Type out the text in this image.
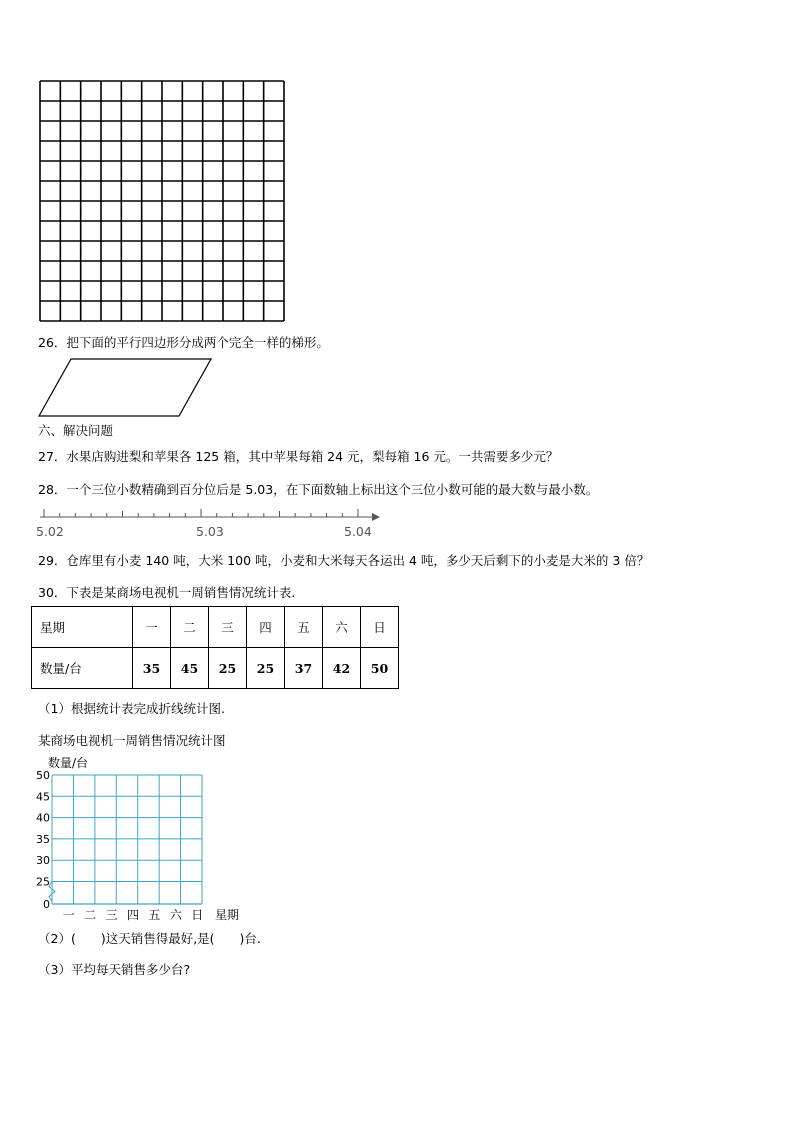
26．把下面的平行四边形分成两个完全一样的梯形。
六、解决问题
27．水果店购进梨和苹果各 125 箱，其中苹果每箱 24 元，梨每箱 16 元。一共需要多少元？
28．一个三位小数精确到百分位后是 5.03，在下面数轴上标出这个三位小数可能的最大数与最小数。
5.02	5.03	5.04
29．仓库里有小麦 140 吨，大米 100 吨，小麦和大米每天各运出 4 吨，多少天后剩下的小麦是大米的 3 倍？
30．下表是某商场电视机一周销售情况统计表.
星期	一	二	三	四	五	六	日
数量/台	35	45	25	25	37	42	50
（1）根据统计表完成折线统计图.
某商场电视机一周销售情况统计图
50
45
40
35
30
25
0
数量/台
一 二 三 四 五 六 日 星期
（2）(　　)这天销售得最好,是(　　)台.
（3）平均每天销售多少台?
